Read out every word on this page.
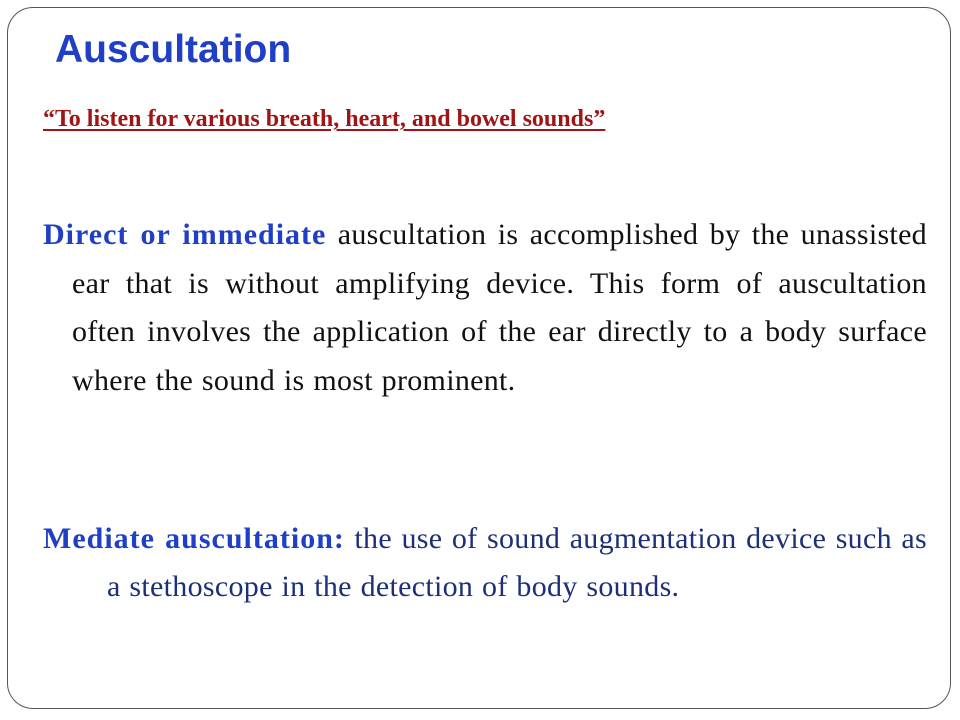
Auscultation

“To listen for various breath, heart, and bowel sounds”

Direct or immediate auscultation is accomplished by the unassisted ear that is without amplifying device. This form of auscultation often involves the application of the ear directly to a body surface where the sound is most prominent.

Mediate auscultation: the use of sound augmentation device such as a stethoscope in the detection of body sounds.
